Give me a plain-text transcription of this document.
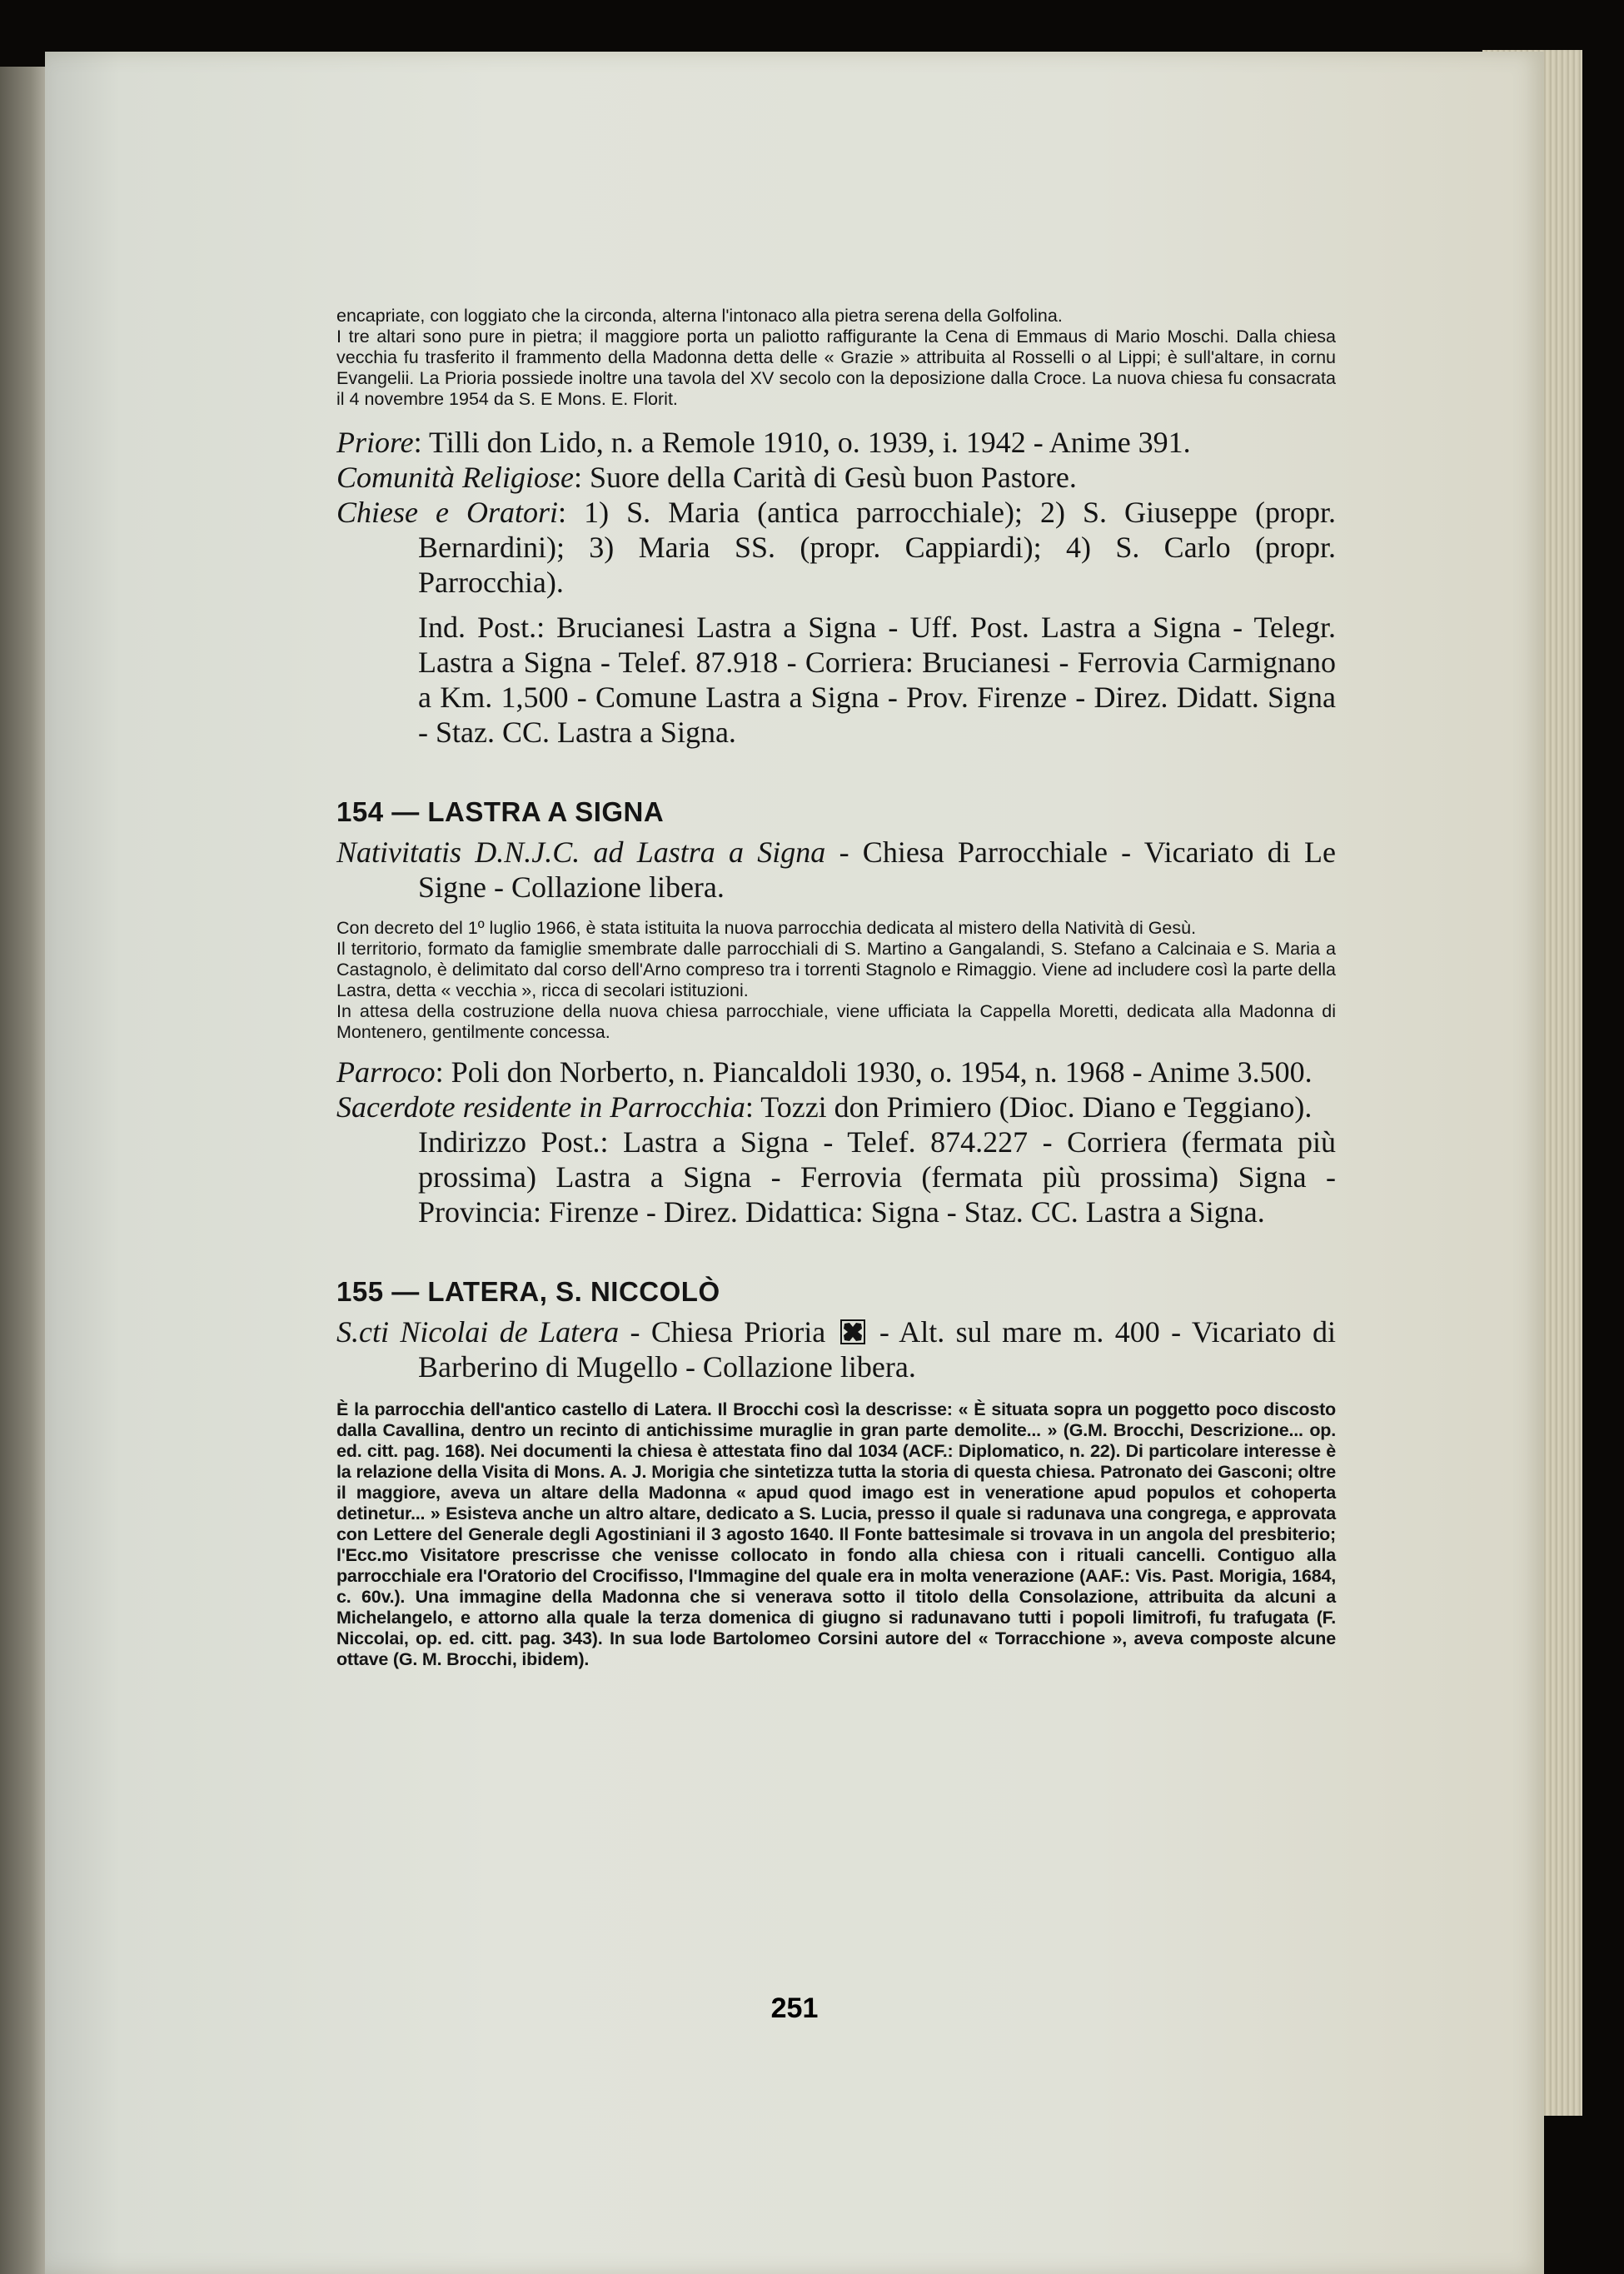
encapriate, con loggiato che la circonda, alterna l'intonaco alla pietra serena della Golfolina.

I tre altari sono pure in pietra; il maggiore porta un paliotto raffigurante la Cena di Emmaus di Mario Moschi. Dalla chiesa vecchia fu trasferito il frammento della Madonna detta delle « Grazie » attribuita al Rosselli o al Lippi; è sull'altare, in cornu Evangelii. La Prioria possiede inoltre una tavola del XV secolo con la deposizione dalla Croce. La nuova chiesa fu consacrata il 4 novembre 1954 da S. E Mons. E. Florit.

Priore: Tilli don Lido, n. a Remole 1910, o. 1939, i. 1942 - Anime 391.

Comunità Religiose: Suore della Carità di Gesù buon Pastore.

Chiese e Oratori: 1) S. Maria (antica parrocchiale); 2) S. Giuseppe (propr. Bernardini); 3) Maria SS. (propr. Cappiardi); 4) S. Carlo (propr. Parrocchia).

Ind. Post.: Brucianesi Lastra a Signa - Uff. Post. Lastra a Signa - Telegr. Lastra a Signa - Telef. 87.918 - Corriera: Brucianesi - Ferrovia Carmignano a Km. 1,500 - Comune Lastra a Signa - Prov. Firenze - Direz. Didatt. Signa - Staz. CC. Lastra a Signa.

154 — LASTRA A SIGNA

Nativitatis D.N.J.C. ad Lastra a Signa - Chiesa Parrocchiale - Vicariato di Le Signe - Collazione libera.

Con decreto del 1º luglio 1966, è stata istituita la nuova parrocchia dedicata al mistero della Natività di Gesù.

Il territorio, formato da famiglie smembrate dalle parrocchiali di S. Martino a Gangalandi, S. Stefano a Calcinaia e S. Maria a Castagnolo, è delimitato dal corso dell'Arno compreso tra i torrenti Stagnolo e Rimaggio. Viene ad includere così la parte della Lastra, detta « vecchia », ricca di secolari istituzioni.

In attesa della costruzione della nuova chiesa parrocchiale, viene ufficiata la Cappella Moretti, dedicata alla Madonna di Montenero, gentilmente concessa.

Parroco: Poli don Norberto, n. Piancaldoli 1930, o. 1954, n. 1968 - Anime 3.500.

Sacerdote residente in Parrocchia: Tozzi don Primiero (Dioc. Diano e Teggiano).

Indirizzo Post.: Lastra a Signa - Telef. 874.227 - Corriera (fermata più prossima) Lastra a Signa - Ferrovia (fermata più prossima) Signa - Provincia: Firenze - Direz. Didattica: Signa - Staz. CC. Lastra a Signa.

155 — LATERA, S. NICCOLÒ

S.cti Nicolai de Latera - Chiesa Prioria - Alt. sul mare m. 400 - Vicariato di Barberino di Mugello - Collazione libera.

È la parrocchia dell'antico castello di Latera. Il Brocchi così la descrisse: « È situata sopra un poggetto poco discosto dalla Cavallina, dentro un recinto di antichissime muraglie in gran parte demolite... » (G.M. Brocchi, Descrizione... op. ed. citt. pag. 168). Nei documenti la chiesa è attestata fino dal 1034 (ACF.: Diplomatico, n. 22). Di particolare interesse è la relazione della Visita di Mons. A. J. Morigia che sintetizza tutta la storia di questa chiesa. Patronato dei Gasconi; oltre il maggiore, aveva un altare della Madonna « apud quod imago est in veneratione apud populos et cohoperta detinetur... » Esisteva anche un altro altare, dedicato a S. Lucia, presso il quale si radunava una congrega, e approvata con Lettere del Generale degli Agostiniani il 3 agosto 1640. Il Fonte battesimale si trovava in un angola del presbiterio; l'Ecc.mo Visitatore prescrisse che venisse collocato in fondo alla chiesa con i rituali cancelli. Contiguo alla parrocchiale era l'Oratorio del Crocifisso, l'Immagine del quale era in molta venerazione (AAF.: Vis. Past. Morigia, 1684, c. 60v.). Una immagine della Madonna che si venerava sotto il titolo della Consolazione, attribuita da alcuni a Michelangelo, e attorno alla quale la terza domenica di giugno si radunavano tutti i popoli limitrofi, fu trafugata (F. Niccolai, op. ed. citt. pag. 343). In sua lode Bartolomeo Corsini autore del « Torracchione », aveva composte alcune ottave (G. M. Brocchi, ibidem).

251
